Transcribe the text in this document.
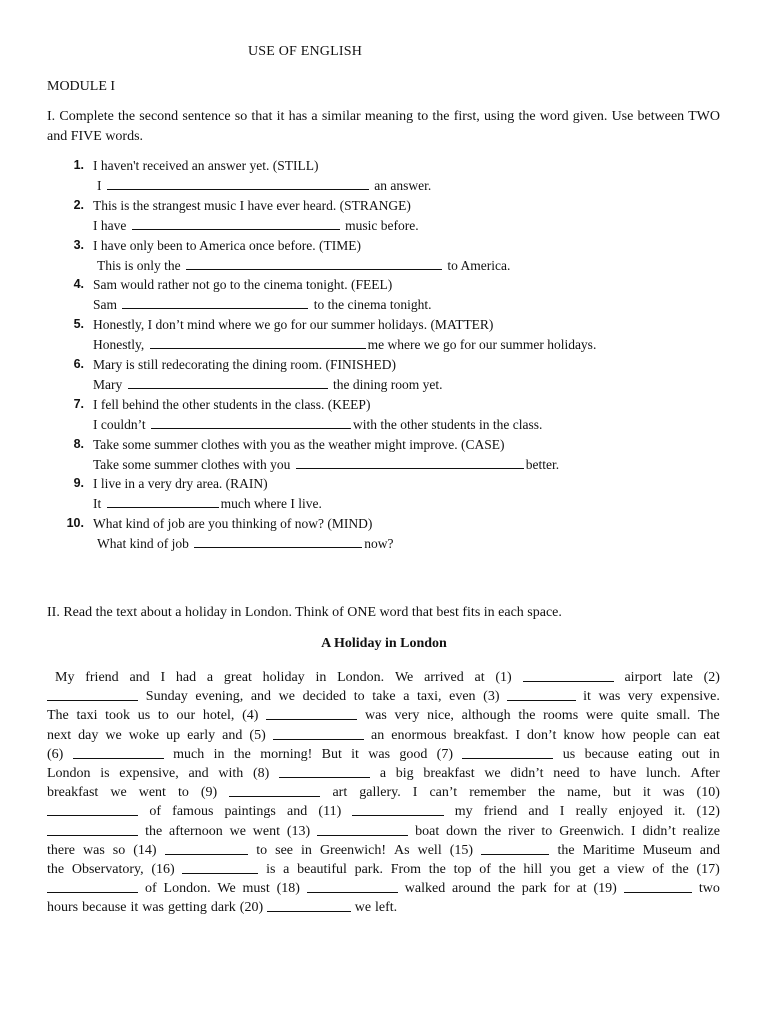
USE OF ENGLISH
MODULE I
I. Complete the second sentence so that it has a similar meaning to the first, using the word given. Use between TWO and FIVE words.
1. I haven't received an answer yet. (STILL)
I	an answer.
2. This is the strangest music I have ever heard. (STRANGE)
I have	music before.
3. I have only been to America once before. (TIME)
This is only the	to America.
4. Sam would rather not go to the cinema tonight. (FEEL)
Sam	to the cinema tonight.
5. Honestly, I don’t mind where we go for our summer holidays. (MATTER)
Honestly,	me where we go for our summer holidays.
6. Mary is still redecorating the dining room. (FINISHED)
Mary	the dining room yet.
7. I fell behind the other students in the class. (KEEP)
I couldn’t	with the other students in the class.
8. Take some summer clothes with you as the weather might improve. (CASE)
Take some summer clothes with you	better.
9. I live in a very dry area. (RAIN)
It	much where I live.
10. What kind of job are you thinking of now? (MIND)
What kind of job	now?
II. Read the text about a holiday in London. Think of ONE word that best fits in each space.
A Holiday in London
My friend and I had a great holiday in London. We arrived at (1)	airport late (2)
Sunday evening, and we decided to take a taxi, even (3)	it was very expensive.
The taxi took us to our hotel, (4)	was very nice, although the rooms were quite small. The
next day we woke up early and (5)	an enormous breakfast. I don’t know how people can eat
(6)	much in the morning! But it was good (7)	us because eating out in
London is expensive, and with (8)	a big breakfast we didn’t need to have lunch. After
breakfast we went to (9)	art gallery. I can’t remember the name, but it was (10)
of famous paintings and (11)	my friend and I really enjoyed it. (12)
the afternoon we went (13)	boat down the river to Greenwich. I didn’t realize
there was so (14)	to see in Greenwich! As well (15)	the Maritime Museum and
the Observatory, (16)	is a beautiful park. From the top of the hill you get a view of the (17)
of London. We must (18)	walked around the park for at (19)	two
hours because it was getting dark (20)	we left.
